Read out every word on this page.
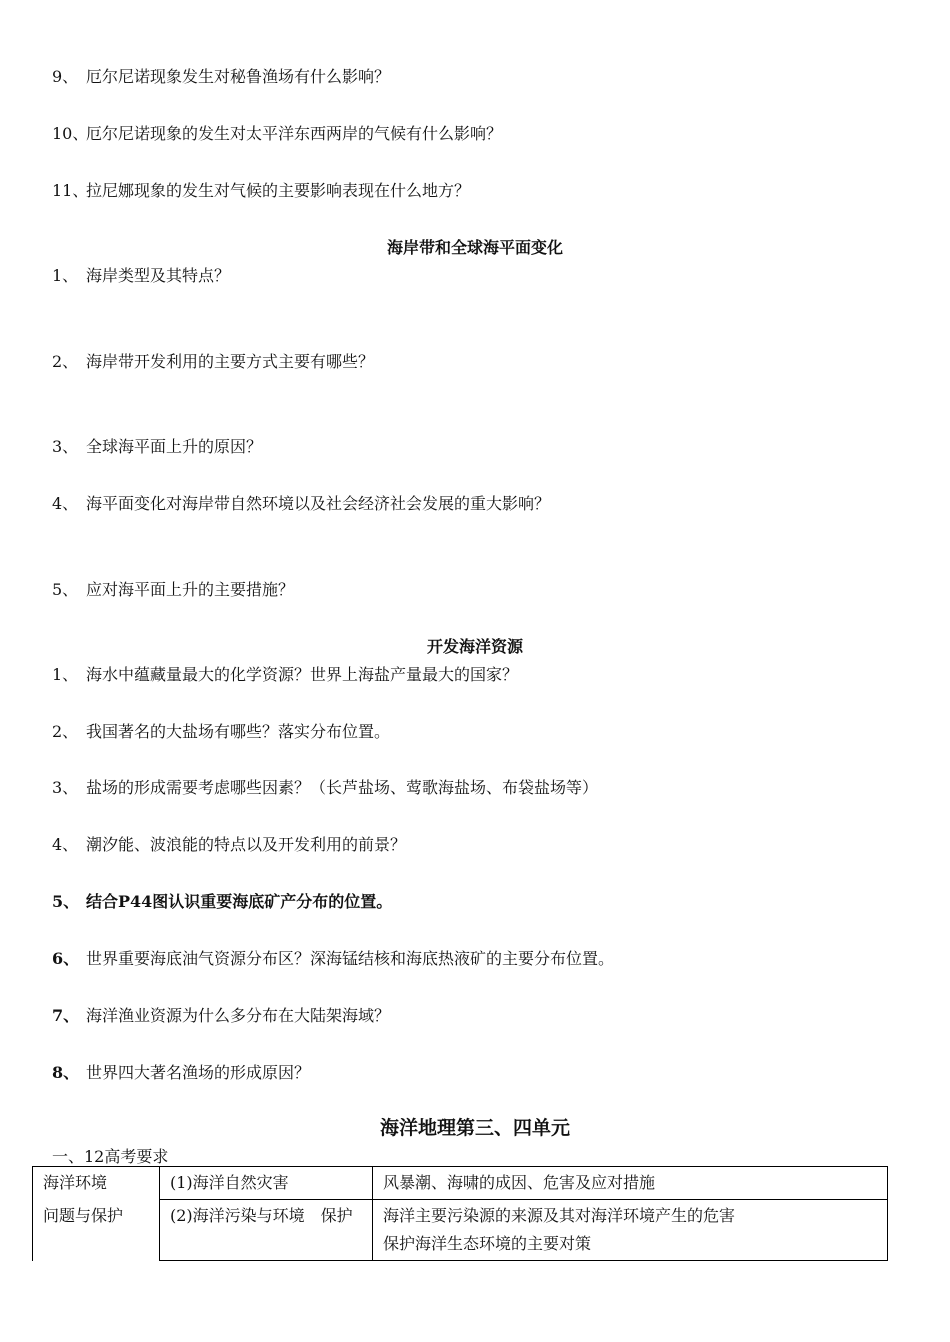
9、 厄尔尼诺现象发生对秘鲁渔场有什么影响？
10、厄尔尼诺现象的发生对太平洋东西两岸的气候有什么影响？
11、拉尼娜现象的发生对气候的主要影响表现在什么地方？
海岸带和全球海平面变化
1、 海岸类型及其特点？
2、 海岸带开发利用的主要方式主要有哪些？
3、 全球海平面上升的原因？
4、 海平面变化对海岸带自然环境以及社会经济社会发展的重大影响？
5、 应对海平面上升的主要措施？
开发海洋资源
1、 海水中蕴藏量最大的化学资源？世界上海盐产量最大的国家？
2、 我国著名的大盐场有哪些？落实分布位置。
3、 盐场的形成需要考虑哪些因素？（长芦盐场、莺歌海盐场、布袋盐场等）
4、 潮汐能、波浪能的特点以及开发利用的前景？
5、 结合P44图认识重要海底矿产分布的位置。
6、 世界重要海底油气资源分布区？深海锰结核和海底热液矿的主要分布位置。
7、 海洋渔业资源为什么多分布在大陆架海域？
8、 世界四大著名渔场的形成原因？
海洋地理第三、四单元
一、12高考要求
海洋环境	(1)海洋自然灾害	风暴潮、海啸的成因、危害及应对措施

问题与保护	(2)海洋污染与环境　保护	海洋主要污染源的来源及其对海洋环境产生的危害
保护海洋生态环境的主要对策
